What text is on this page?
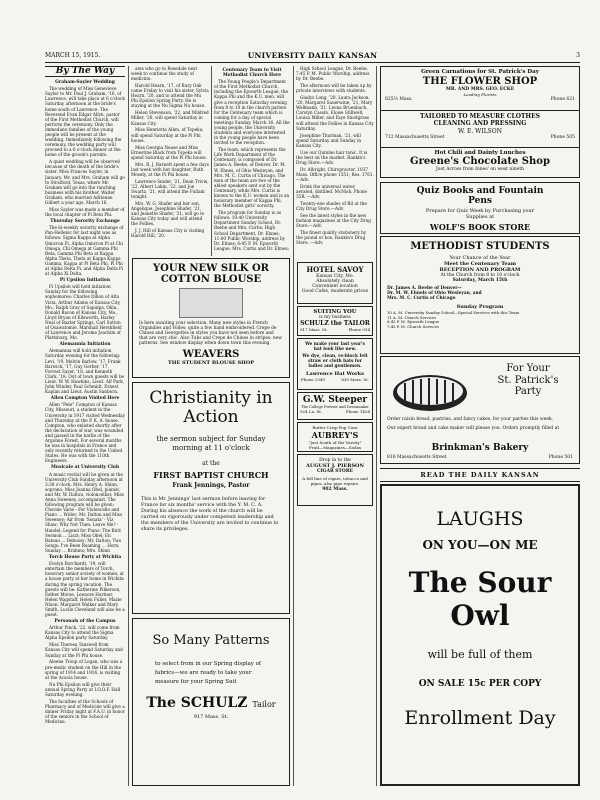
MARCH 15, 1915.	UNIVERSITY DAILY KANSAN	3
By The Way
Graham-Sayler Wedding

The wedding of Miss Genevieve Sayler to Mr. Paul J. Graham, '16, of Lawrence, will take place at 6 o'clock Saturday afternoon at the bride's home south of Lawrence. The Reverend Evan Edgar Allyn, pastor of the First Methodist Church, will perform the ceremony. Only the immediate families of the young people will be present at the wedding. Immediately following the ceremony, the wedding party will proceed to a 6 o'clock dinner at the home of the groom's parents.

A quiet wedding will be observed because of the death of the bride's sister. Miss Frances Sayler, in January. Mr. and Mrs. Graham will go to Stratford, Texas, where Mr. Graham will go into the ranching business with his brother, Walter Graham, who married Adrienne Gilbert a year ago. March 16.

Miss Sayler was made a member of the local chapter of Pi Beta Phi.

Thursday Sorority Exchange

The bi-weekly sorority exchange of Pan-Hellenic for last night was as follows: Sigma Kappa at Alpha Omicron Pi, Alpha Omicron Pi at Chi Omega, Chi Omega at Gamma Phi Beta, Gamma Phi Beta at Kappa Alpha Theta, Theta at Kappa Kappa Gamma, Kappa at Pi Beta Phi, Pi Phi at Alpha Delta Pi, and Alpha Delta Pi at Alpha Xi Delta.

Pi Upsilon Initiation

Pi Upsilon will hold initiation Sunday for the following sophomores: Charles Dillon of Alta Vista, Arthur Adams of Kansas City, Mo., Ralph Gray of Sapulpa, Okla., Donald Bacon of Kansas City, Mo., Lloyd Bryan of Ellsworth, Harley Neal of Baxter Springs, Carl Sutton of Osawatomie, Marshall Hershfield of Lawrence and Jerome Joachim of Plattsburg, Mo.

Alemannia Initiation

Alemannia will hold initiation Saturday evening for the following: Levi, '19, Melvin Barlow, '17, Frank Barwick, '17, Guy Gerber, '17, Forrest Sayer, '18, and Kenneth Clark, '18. Out of town guests will be Lieut. W. W. Hawkins, Lieut. Alf Park, John Winder, Paul Schmidt, Ernest Kaplan and Lieut. Austin Sanborn.

Allen Compton Visited Here

Allen "Pete" Compton of Kansas City, Missouri, a student in the University in 1917 visited Wednesday and Thursday at the P. K. A. house. Compton, who enlisted shortly after the declaration of war, was wounded and gassed in the battle of the Argonne Forest. For several months he was in hospitals in France and only recently returned to the United States. He was with the 110th Engineers.

Musicale at University Club

A music recital will be given at the University Club Sunday afternoon at 3:30 o'clock. Mrs. Henry A. Shinn, soprano; Miss Joanna Obel, pianist, and Mr. W. Dalton, violoncellist; Miss Anna Sweeney, accompanist. The following program will be given: Chorale Varie - For Violoncello and Piano ... Widor; Mr. Dalton and Miss Sweeney; Air from 'Sonata' - Viz Shaw; Why Not Then: Leave Me? - Handel; Legend for Piano: The Bird Sermon ... Liszt; Miss Obel; En Bateau ... Debussy; Mr. Dalton; Two Songs: I've Been Roaming ... Horn; Sunday ... Brahms; Mrs. Shinn

Torch House Party at Wichita

Evelyn Borchardt, '19, will entertain the members of Torch, honorary senior society of women, at a house party at her home in Wichita during the spring vacation. The guests will be: Katherine Pilkerson, Esther Morse, Leonore Hartner, Helen Wagstaff, Helen Fuller, Mazie Nixon, Margaret Walker and Mary Smith. Lucile Cleveland will also be a guest.

Personals of the Campus

Arthur Pinck, '22, will come from Kansas City to attend the Sigma Alpha Epsilon party Saturday.

Miss Theresa Tanswell from Kansas City will spend Saturday and Sunday at the Pi Phi house.

Aleene Troup of Logan, who was a pre-medic student on the Hill in the spring of 1914 and 1916, is visiting at the Acacia house.

Nu Phi Epsilon will give their annual Spring Party at I.O.O.F. Hall Saturday evening.

The faculties of the Schools of Pharmacy and of Medicine will give a dinner Friday night at F.A.U. in honor of the seniors in the School of Medicine.

ates who go to Rosedale next week to continue the study of medicine.

Harold Hearn, '17, of Bury Oak came Friday to visit his sister, Sylvia Hearn, '20, and to attend the Mu Phi Epsilon Spring Party. He is staying at the Nu Sigma Nu house.

Helen Stevenson, '22, and Mildred Miller, '20, will spend Saturday in Kansas City.

Miss Henrietta Allen, of Topeka, will spend Saturday at the Pi Phi house.

Miss Georgia Nease and Miss Ernestine Black from Topeka will spend Saturday at the Pi Phi house.

Mrs. R. J. Barnett spent a few days last week with her daughter, Ruth Mosely, at the Pi Phi house.

Lawrence Snider, '21, Dean Trivie, '22, Albert Lakin, '22, and Joe Swartz, '21, will attend the Fullam tonight.

Mrs. W. G. Shafer and her son, Angelique, Josephine Shafer, '21, and Jeanette Shafer, '21, will go to Kansas City today and will attend the Follies.

J. J. Hill of Kansas City is visiting Harold Hill, '20.

Centenary Team to Visit Methodist Church Here

The Young People's Department of the First Methodist Church, including the Epworth League, the Kappa Phi and the K.U. men, will give a reception Saturday evening from 8 to 10 in the church parlors for the Centenary team which is coming for a day of special meetings Sunday, March 16. All the young people, the University students and everyone interested in the young people have been invited to the reception.

The team, which represents the Life Work Department of the Centenary, is composed of Dr. James A. Beebe, of Denver, Dr. M. W. Ehnes, of Ohio Wesleyan, and Mrs. M. C. Curtis of Chicago. The men of the team are two of the ablest speakers sent out by the Centenary, while Mrs. Curtis is known to the K.U. women and is an honorary member of Kappa Phi, the Methodist girls' sorority.

The program for Sunday is as follows: 10:40 University Department Sunday School, Dr. Beebe and Mrs. Curtis; High School Department, Dr. Ehnes; 11:00 Public Worship, address by Dr. Ehnes; 6:45 P. M. Epworth League, Mrs. Curtis and Dr. Ehnes;

High School League, Dr. Beebe; 7:45 P. M. Public Worship, address by Dr. Beebe.

The afternoon will be taken up by private interviews with students.

Gladys Long, '20, Laura Jackson, '20, Margaret Sauerwine, '21, Mary Wellmann, '21, Leona Bruenbach, Carolyn Cassin, Eloise Stillwell, Louisa Miller, and Faye Snodgrass will attend the Follies in Kansas City Saturday.

Josephine Thurman, '21, will spend Saturday and Sunday in Kansas City.

Use our Quinine hair tonic. It is the best on the market. Rankin's Drug Store.—Adv.

Dr. Albright, Chiropractor, 1037 Mass. Office phone 1551; Res. 1761. —Adv.

Drink the universal water, aerated, distilled. McNish, Phone 35R. —Adv.

Twenty-one shades of Ril at the City Drug Store.—Adv.

See the latest styles in the new fashion magazines at the City Drug Store.—Adv.

The finest quality stationery by the pound or box. Rankin's Drug Store. —Adv.

YOUR NEW SILK OR
COTTON BLOUSE
Is here awaiting your selection. Many new styles in French Organdies and Voiles; quite a few hand embroidered. Crepe de Chines and Georgettes in styles you have not seen before and that are very chic. Also Tubs and Crepe de Chines in stripes; new patterns. See window display when down town this evening.
WEAVERS
THE STUDENT BLOUSE SHOP
Christianity in
Action
the sermon subject for Sunday morning at 11 o'clock
at the
FIRST BAPTIST CHURCH
Frank Jennings, Pastor
This is Mr. Jennings' last sermon before leaving for France for six months' service with the Y. M. C. A. During his absence the work of the church will be carried on vigorously under competent leadership and the members of the University are invited to continue to share its privileges.
So Many Patterns
to select from in our Spring display of fabrics—we are ready to take your measure for your Spring Suit
The SCHULZ Tailor
917 Mass. St.
HOTEL SAVOY
Kansas City, Mo.
Absolutely clean
Convenient location
Good Cafes, moderate prices
SUITING YOU
is my business
SCHULZ the TAILOR
917 Mass. St.	Phone 914
We make your last year's hat look like new.
We dye, clean, re-block felt straw or cloth hats for ladies and gentlemen.
Lawrence Hat Works
Phone 2349	830 Mass. St.
G.W. Steeper
The College Presser and Dressmaker
924 La. St.	Phone 1434
Butter Crisp Pop Corn
AUBREY'S
"Just South of the Varsity"
Fruit—Magazines—Sodas
Drop in to the
AUGUST J. PIERSON
CIGAR STORE
A full line of cigars, tobacco and pipes, also pipe repairs.
902 Mass.
Green Carnations for St. Patrick's Day
THE FLOWER SHOP
MR. AND MRS. GEO. ECKE
Leading Florists
825½ Mass.	Phone 621
TAILORED TO MEASURE CLOTHES
CLEANING AND PRESSING
W. E. WILSON
712 Massachusetts Street	Phone 505
Hot Chili and Dainty Lunches
Greene's Chocolate Shop
Just Across from Innes' on west nineth
Quiz Books and Fountain
Pens
Prepare for Quiz Week by Purchasing your Supplies at
WOLF'S BOOK STORE
METHODIST STUDENTS
Your Chance of the Year
Meet the Centenary Team
RECEPTION AND PROGRAM
At the Church from 8 to 10 o'clock
Saturday, March 15th
Dr. James A. Beebe of Denver—
Dr. M. W. Ehnels of Ohio Wesleyan, and
Mrs. M. C. Curtis of Chicago
Sunday Program
10 A. M. University Sunday School—Special Services with this Team
11 A. M. Church Services
6:45 P. M. Epworth League
7:45 P. M. Church Services
For Your
St. Patrick's
Party
Order raisin bread, pastries, and fancy cakes, for your parties this week.
Our expert bread and cake maker will please you. Orders promptly filled at
Brinkman's Bakery
816 Massachusetts Street	Phone 501
READ THE DAILY KANSAN
LAUGHS
ON YOU—ON ME
The Sour Owl
will be full of them
ON SALE 15c PER COPY
Enrollment Day
